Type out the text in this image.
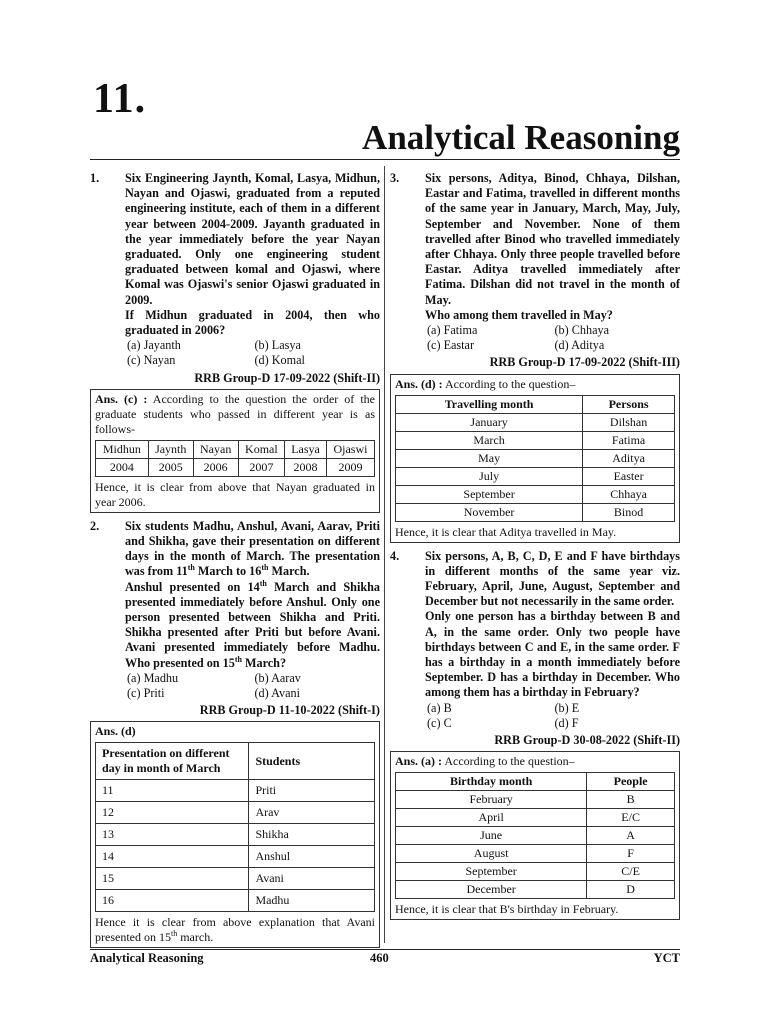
11.
Analytical Reasoning
1.	Six Engineering Jaynth, Komal, Lasya, Midhun, Nayan and Ojaswi, graduated from a reputed engineering institute, each of them in a different year between 2004-2009. Jayanth graduated in the year immediately before the year Nayan graduated. Only one engineering student graduated between komal and Ojaswi, where Komal was Ojaswi's senior Ojaswi graduated in 2009.

If Midhun graduated in 2004, then who graduated in 2006?

(a) Jayanth	(b) Lasya
(c) Nayan	(d) Komal
RRB Group-D 17-09-2022 (Shift-II)
Ans. (c) : According to the question the order of the graduate students who passed in different year is as follows-
Midhun	Jaynth	Nayan	Komal	Lasya	Ojaswi
2004	2005	2006	2007	2008	2009
Hence, it is clear from above that Nayan graduated in year 2006.
2.	Six students Madhu, Anshul, Avani, Aarav, Priti and Shikha, gave their presentation on different days in the month of March. The presentation was from 11th March to 16th March.

Anshul presented on 14th March and Shikha presented immediately before Anshul. Only one person presented between Shikha and Priti. Shikha presented after Priti but before Avani. Avani presented immediately before Madhu. Who presented on 15th March?

(a) Madhu	(b) Aarav
(c) Priti	(d) Avani
RRB Group-D 11-10-2022 (Shift-I)
Ans. (d)
Presentation on different day in month of March	Students
11	Priti
12	Arav
13	Shikha
14	Anshul
15	Avani
16	Madhu
Hence it is clear from above explanation that Avani presented on 15th march.
3.	Six persons, Aditya, Binod, Chhaya, Dilshan, Eastar and Fatima, travelled in different months of the same year in January, March, May, July, September and November. None of them travelled after Binod who travelled immediately after Chhaya. Only three people travelled before Eastar. Aditya travelled immediately after Fatima. Dilshan did not travel in the month of May.

Who among them travelled in May?

(a) Fatima	(b) Chhaya
(c) Eastar	(d) Aditya
RRB Group-D 17-09-2022 (Shift-III)
Ans. (d) : According to the question–
Travelling month	Persons
January	Dilshan
March	Fatima
May	Aditya
July	Easter
September	Chhaya
November	Binod
Hence, it is clear that Aditya travelled in May.
4.	Six persons, A, B, C, D, E and F have birthdays in different months of the same year viz. February, April, June, August, September and December but not necessarily in the same order.

Only one person has a birthday between B and A, in the same order. Only two people have birthdays between C and E, in the same order. F has a birthday in a month immediately before September. D has a birthday in December. Who among them has a birthday in February?

(a) B	(b) E
(c) C	(d) F
RRB Group-D 30-08-2022 (Shift-II)
Ans. (a) : According to the question–
Birthday month	People
February	B
April	E/C
June	A
August	F
September	C/E
December	D
Hence, it is clear that B's birthday in February.
Analytical Reasoning	460	YCT
